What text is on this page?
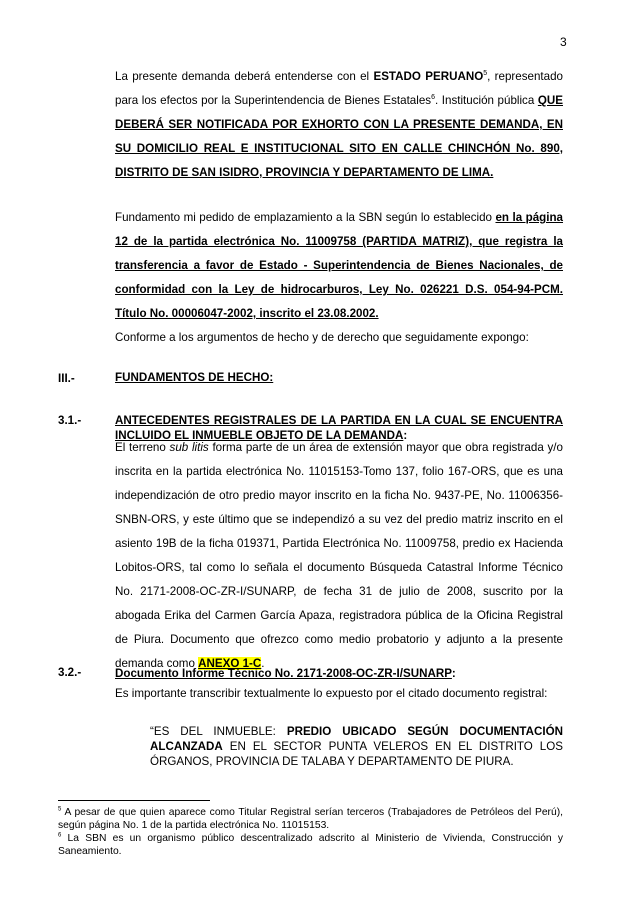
3

La presente demanda deberá entenderse con el ESTADO PERUANO$^5$, representado para los efectos por la Superintendencia de Bienes Estatales$^6$. Institución pública QUE DEBERÁ SER NOTIFICADA POR EXHORTO CON LA PRESENTE DEMANDA, EN SU DOMICILIO REAL E INSTITUCIONAL SITO EN CALLE CHINCHÓN No. 890, DISTRITO DE SAN ISIDRO, PROVINCIA Y DEPARTAMENTO DE LIMA.

Fundamento mi pedido de emplazamiento a la SBN según lo establecido en la página 12 de la partida electrónica No. 11009758 (PARTIDA MATRIZ), que registra la transferencia a favor de Estado - Superintendencia de Bienes Nacionales, de conformidad con la Ley de hidrocarburos, Ley No. 026221 D.S. 054-94-PCM. Título No. 00006047-2002, inscrito el 23.08.2002.

Conforme a los argumentos de hecho y de derecho que seguidamente expongo:

III.-	FUNDAMENTOS DE HECHO:
3.1.-	ANTECEDENTES REGISTRALES DE LA PARTIDA EN LA CUAL SE ENCUENTRA INCLUIDO EL INMUEBLE OBJETO DE LA DEMANDA:

El terreno sub litis forma parte de un área de extensión mayor que obra registrada y/o inscrita en la partida electrónica No. 11015153-Tomo 137, folio 167-ORS, que es una independización de otro predio mayor inscrito en la ficha No. 9437-PE, No. 11006356-SNBN-ORS, y este último que se independizó a su vez del predio matriz inscrito en el asiento 19B de la ficha 019371, Partida Electrónica No. 11009758, predio ex Hacienda Lobitos-ORS, tal como lo señala el documento Búsqueda Catastral Informe Técnico No. 2171-2008-OC-ZR-I/SUNARP, de fecha 31 de julio de 2008, suscrito por la abogada Erika del Carmen García Apaza, registradora pública de la Oficina Registral de Piura. Documento que ofrezco como medio probatorio y adjunto a la presente demanda como ANEXO 1-C.

3.2.-	Documento Informe Técnico No. 2171-2008-OC-ZR-I/SUNARP:

Es importante transcribir textualmente lo expuesto por el citado documento registral:

“ES DEL INMUEBLE: PREDIO UBICADO SEGÚN DOCUMENTACIÓN ALCANZADA EN EL SECTOR PUNTA VELEROS EN EL DISTRITO LOS ÓRGANOS, PROVINCIA DE TALABA Y DEPARTAMENTO DE PIURA.

$^5$ A pesar de que quien aparece como Titular Registral serían terceros (Trabajadores de Petróleos del Perú), según página No. 1 de la partida electrónica No. 11015153.

$^6$ La SBN es un organismo público descentralizado adscrito al Ministerio de Vivienda, Construcción y Saneamiento.
